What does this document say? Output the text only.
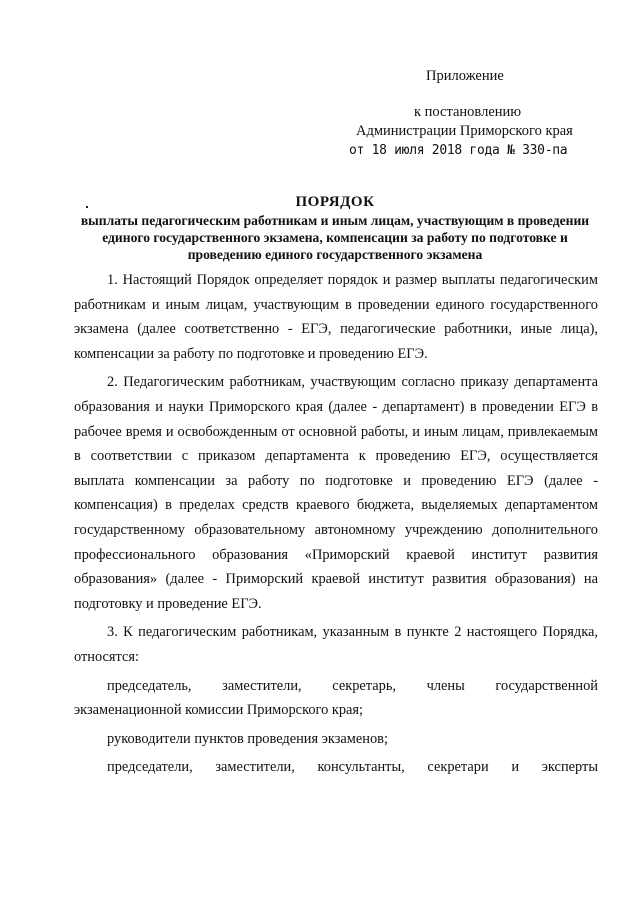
Приложение
к постановлению
Администрации Приморского края
от 18 июля 2018 года № 330-па
ПОРЯДОК
выплаты педагогическим работникам и иным лицам, участвующим в проведении единого государственного экзамена, компенсации за работу по подготовке и проведению единого государственного экзамена

1. Настоящий Порядок определяет порядок и размер выплаты педагогическим работникам и иным лицам, участвующим в проведении единого государственного экзамена (далее соответственно - ЕГЭ, педагогические работники, иные лица), компенсации за работу по подготовке и проведению ЕГЭ.

2. Педагогическим работникам, участвующим согласно приказу департамента образования и науки Приморского края (далее - департамент) в проведении ЕГЭ в рабочее время и освобожденным от основной работы, и иным лицам, привлекаемым в соответствии с приказом департамента к проведению ЕГЭ, осуществляется выплата компенсации за работу по подготовке и проведению ЕГЭ (далее - компенсация) в пределах средств краевого бюджета, выделяемых департаментом государственному образовательному автономному учреждению дополнительного профессионального образования «Приморский краевой институт развития образования» (далее - Приморский краевой институт развития образования) на подготовку и проведение ЕГЭ.

3. К педагогическим работникам, указанным в пункте 2 настоящего Порядка, относятся:

председатель, заместители, секретарь, члены государственной экзаменационной комиссии Приморского края;

руководители пунктов проведения экзаменов;

председатели, заместители, консультанты, секретари и эксперты
